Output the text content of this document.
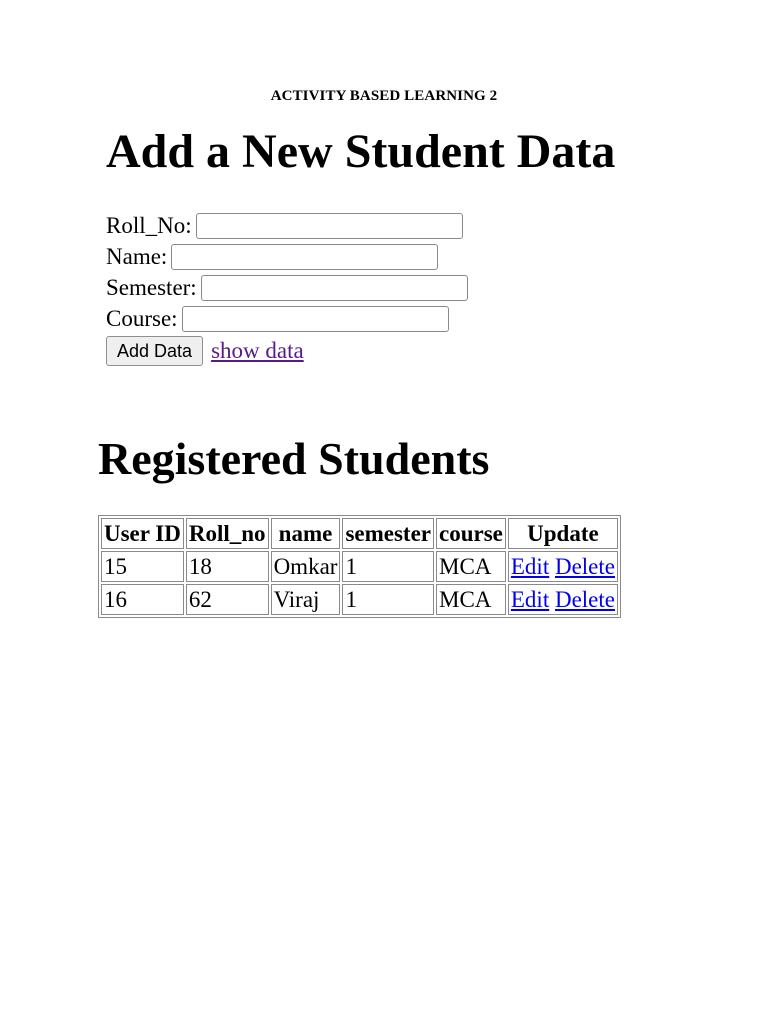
ACTIVITY BASED LEARNING 2
Add a New Student Data
Roll_No:
Name:
Semester:
Course:
Add Data show data
Registered Students
User ID	Roll_no	name	semester	course	Update
15	18	Omkar	1	MCA	Edit Delete
16	62	Viraj	1	MCA	Edit Delete
